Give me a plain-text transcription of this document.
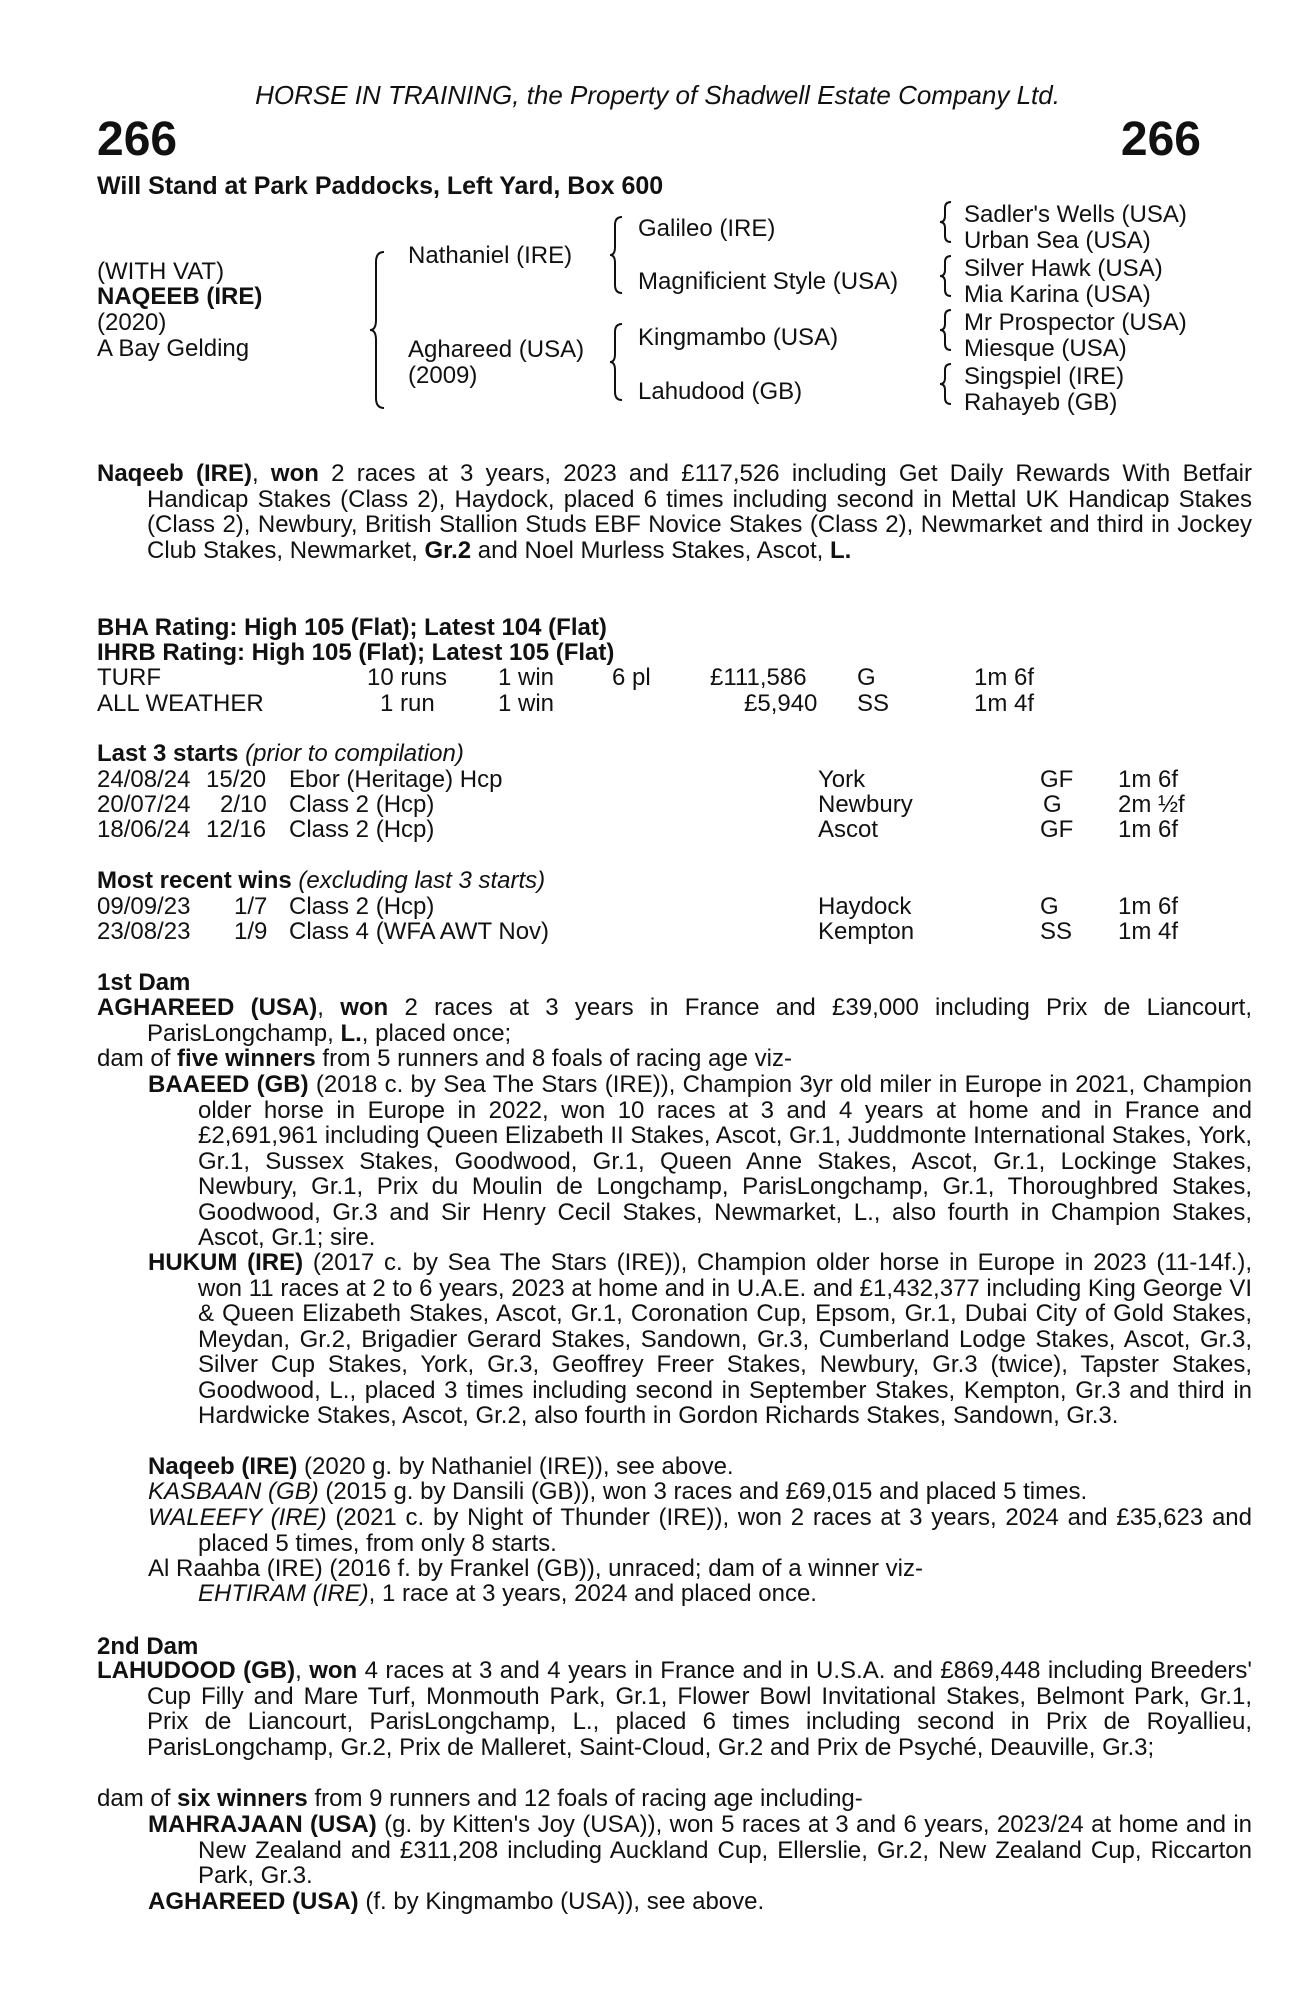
HORSE IN TRAINING, the Property of Shadwell Estate Company Ltd.
266	266
Will Stand at Park Paddocks, Left Yard, Box 600
(WITH VAT)
NAQEEB (IRE)
(2020)
A Bay Gelding
Nathaniel (IRE)
Aghareed (USA)
(2009)
Galileo (IRE)
Magnificient Style (USA)
Kingmambo (USA)
Lahudood (GB)
Sadler's Wells (USA)
Urban Sea (USA)
Silver Hawk (USA)
Mia Karina (USA)
Mr Prospector (USA)
Miesque (USA)
Singspiel (IRE)
Rahayeb (GB)
Naqeeb (IRE), won 2 races at 3 years, 2023 and £117,526 including Get Daily Rewards With Betfair Handicap Stakes (Class 2), Haydock, placed 6 times including second in Mettal UK Handicap Stakes (Class 2), Newbury, British Stallion Studs EBF Novice Stakes (Class 2), Newmarket and third in Jockey Club Stakes, Newmarket, Gr.2 and Noel Murless Stakes, Ascot, L.
BHA Rating: High 105 (Flat); Latest 104 (Flat)
IHRB Rating: High 105 (Flat); Latest 105 (Flat)
TURF	10 runs 1 win 6 pl £111,586 G	1m 6f
ALL WEATHER	1 run	1 win	£5,940 SS	1m 4f
Last 3 starts (prior to compilation)
24/08/24 15/20 Ebor (Heritage) Hcp	York	GF 1m 6f
20/07/24 2/10 Class 2 (Hcp)	Newbury	G 2m ½f
18/06/24 12/16 Class 2 (Hcp)	Ascot	GF 1m 6f
Most recent wins (excluding last 3 starts)
09/09/23 1/7 Class 2 (Hcp)	Haydock	G 1m 6f
23/08/23 1/9 Class 4 (WFA AWT Nov)	Kempton	SS 1m 4f
1st Dam
AGHAREED (USA), won 2 races at 3 years in France and £39,000 including Prix de Liancourt, ParisLongchamp, L., placed once;
dam of five winners from 5 runners and 8 foals of racing age viz-
BAAEED (GB) (2018 c. by Sea The Stars (IRE)), Champion 3yr old miler in Europe in 2021, Champion older horse in Europe in 2022, won 10 races at 3 and 4 years at home and in France and £2,691,961 including Queen Elizabeth II Stakes, Ascot, Gr.1, Juddmonte International Stakes, York, Gr.1, Sussex Stakes, Goodwood, Gr.1, Queen Anne Stakes, Ascot, Gr.1, Lockinge Stakes, Newbury, Gr.1, Prix du Moulin de Longchamp, ParisLongchamp, Gr.1, Thoroughbred Stakes, Goodwood, Gr.3 and Sir Henry Cecil Stakes, Newmarket, L., also fourth in Champion Stakes, Ascot, Gr.1; sire.
HUKUM (IRE) (2017 c. by Sea The Stars (IRE)), Champion older horse in Europe in 2023 (11-14f.), won 11 races at 2 to 6 years, 2023 at home and in U.A.E. and £1,432,377 including King George VI & Queen Elizabeth Stakes, Ascot, Gr.1, Coronation Cup, Epsom, Gr.1, Dubai City of Gold Stakes, Meydan, Gr.2, Brigadier Gerard Stakes, Sandown, Gr.3, Cumberland Lodge Stakes, Ascot, Gr.3, Silver Cup Stakes, York, Gr.3, Geoffrey Freer Stakes, Newbury, Gr.3 (twice), Tapster Stakes, Goodwood, L., placed 3 times including second in September Stakes, Kempton, Gr.3 and third in Hardwicke Stakes, Ascot, Gr.2, also fourth in Gordon Richards Stakes, Sandown, Gr.3.
Naqeeb (IRE) (2020 g. by Nathaniel (IRE)), see above.
KASBAAN (GB) (2015 g. by Dansili (GB)), won 3 races and £69,015 and placed 5 times.
WALEEFY (IRE) (2021 c. by Night of Thunder (IRE)), won 2 races at 3 years, 2024 and £35,623 and placed 5 times, from only 8 starts.
Al Raahba (IRE) (2016 f. by Frankel (GB)), unraced; dam of a winner viz-
EHTIRAM (IRE), 1 race at 3 years, 2024 and placed once.
2nd Dam
LAHUDOOD (GB), won 4 races at 3 and 4 years in France and in U.S.A. and £869,448 including Breeders' Cup Filly and Mare Turf, Monmouth Park, Gr.1, Flower Bowl Invitational Stakes, Belmont Park, Gr.1, Prix de Liancourt, ParisLongchamp, L., placed 6 times including second in Prix de Royallieu, ParisLongchamp, Gr.2, Prix de Malleret, Saint-Cloud, Gr.2 and Prix de Psyché, Deauville, Gr.3;
dam of six winners from 9 runners and 12 foals of racing age including-
MAHRAJAAN (USA) (g. by Kitten's Joy (USA)), won 5 races at 3 and 6 years, 2023/24 at home and in New Zealand and £311,208 including Auckland Cup, Ellerslie, Gr.2, New Zealand Cup, Riccarton Park, Gr.3.
AGHAREED (USA) (f. by Kingmambo (USA)), see above.
